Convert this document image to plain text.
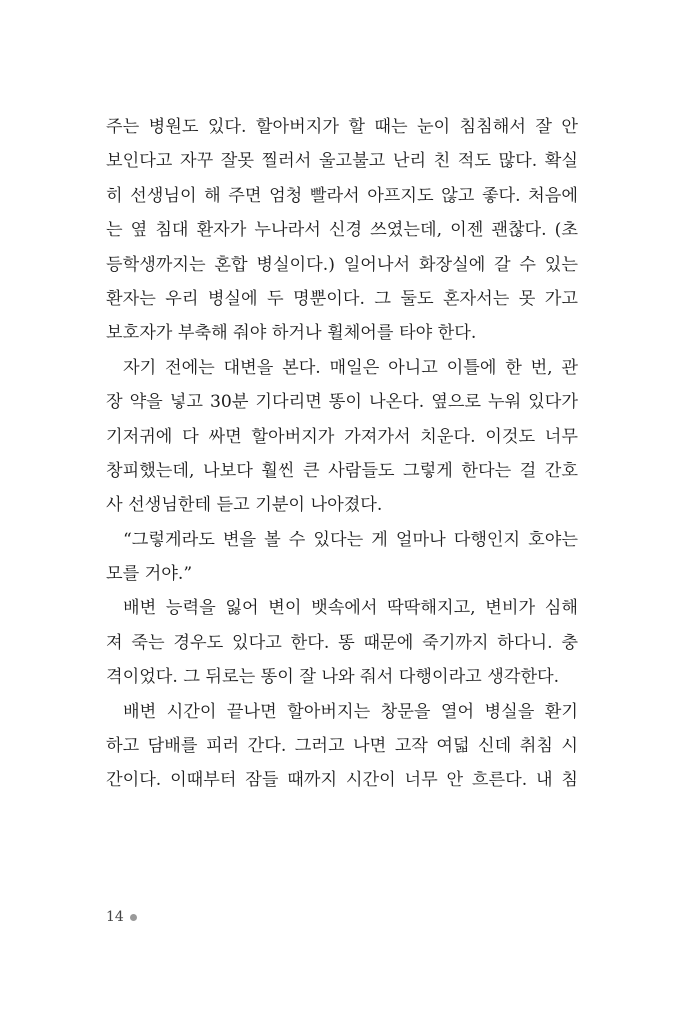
주는 병원도 있다. 할아버지가 할 때는 눈이 침침해서 잘 안
보인다고 자꾸 잘못 찔러서 울고불고 난리 친 적도 많다. 확실
히 선생님이 해 주면 엄청 빨라서 아프지도 않고 좋다. 처음에
는 옆 침대 환자가 누나라서 신경 쓰였는데, 이젠 괜찮다. (초
등학생까지는 혼합 병실이다.) 일어나서 화장실에 갈 수 있는
환자는 우리 병실에 두 명뿐이다. 그 둘도 혼자서는 못 가고
보호자가 부축해 줘야 하거나 휠체어를 타야 한다.
자기 전에는 대변을 본다. 매일은 아니고 이틀에 한 번, 관
장 약을 넣고 30분 기다리면 똥이 나온다. 옆으로 누워 있다가
기저귀에 다 싸면 할아버지가 가져가서 치운다. 이것도 너무
창피했는데, 나보다 훨씬 큰 사람들도 그렇게 한다는 걸 간호
사 선생님한테 듣고 기분이 나아졌다.
“그렇게라도 변을 볼 수 있다는 게 얼마나 다행인지 호야는
모를 거야.”
배변 능력을 잃어 변이 뱃속에서 딱딱해지고, 변비가 심해
져 죽는 경우도 있다고 한다. 똥 때문에 죽기까지 하다니. 충
격이었다. 그 뒤로는 똥이 잘 나와 줘서 다행이라고 생각한다.
배변 시간이 끝나면 할아버지는 창문을 열어 병실을 환기
하고 담배를 피러 간다. 그러고 나면 고작 여덟 신데 취침 시
간이다. 이때부터 잠들 때까지 시간이 너무 안 흐른다. 내 침
14
